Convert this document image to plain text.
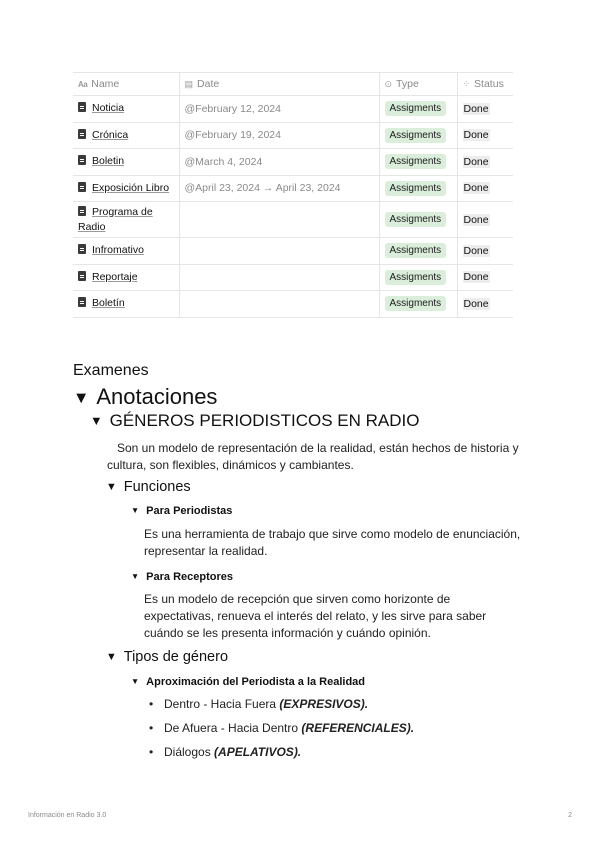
Aa Name	▤ Date	⊙ Type	⁘ Status
Noticia	@February 12, 2024	Assigments	Done
Crónica	@February 19, 2024	Assigments	Done
Boletin	@March 4, 2024	Assigments	Done
Exposición Libro	@April 23, 2024 → April 23, 2024	Assigments	Done
Programa de Radio		Assigments	Done
Infromativo		Assigments	Done
Reportaje		Assigments	Done
Boletín		Assigments	Done
Examenes
▼ Anotaciones
▼ GÉNEROS PERIODISTICOS EN RADIO
Son un modelo de representación de la realidad, están hechos de historia y
cultura, son flexibles, dinámicos y cambiantes.
▼ Funciones
▼ Para Periodistas
Es una herramienta de trabajo que sirve como modelo de enunciación,
representar la realidad.
▼ Para Receptores
Es un modelo de recepción que sirven como horizonte de
expectativas, renueva el interés del relato, y les sirve para saber
cuándo se les presenta información y cuándo opinión.
▼ Tipos de género
▼ Aproximación del Periodista a la Realidad
• Dentro - Hacia Fuera (EXPRESIVOS).
• De Afuera - Hacia Dentro (REFERENCIALES).
• Diálogos (APELATIVOS).
Información en Radio 3.0	2
